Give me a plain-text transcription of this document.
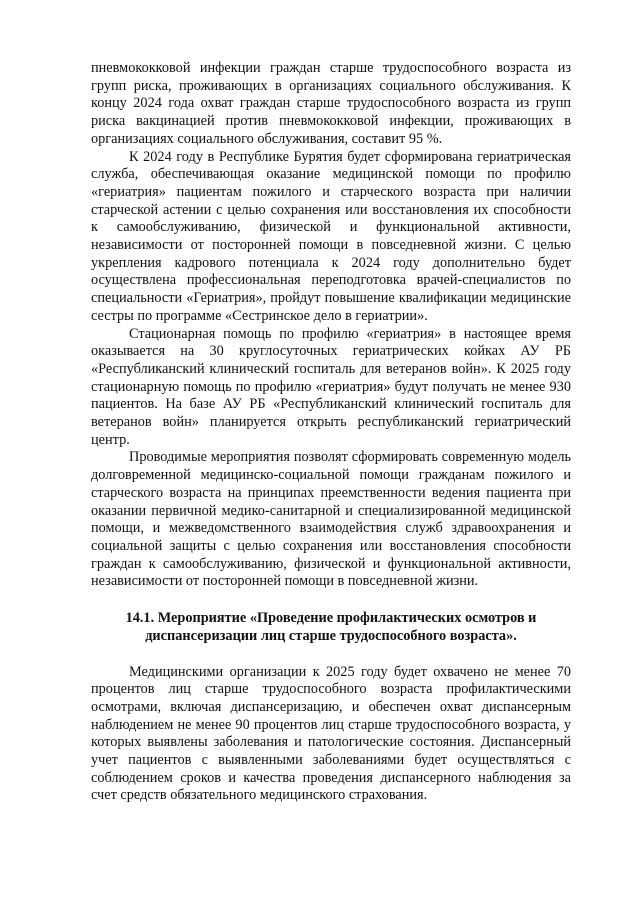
пневмококковой инфекции граждан старше трудоспособного возраста из групп риска, проживающих в организациях социального обслуживания. К концу 2024 года охват граждан старше трудоспособного возраста из групп риска вакцинацией против пневмококковой инфекции, проживающих в организациях социального обслуживания, составит 95 %.

К 2024 году в Республике Бурятия будет сформирована гериатрическая служба, обеспечивающая оказание медицинской помощи по профилю «гериатрия» пациентам пожилого и старческого возраста при наличии старческой астении с целью сохранения или восстановления их способности к самообслуживанию, физической и функциональной активности, независимости от посторонней помощи в повседневной жизни. С целью укрепления кадрового потенциала к 2024 году дополнительно будет осуществлена профессиональная переподготовка врачей-специалистов по специальности «Гериатрия», пройдут повышение квалификации медицинские сестры по программе «Сестринское дело в гериатрии».

Стационарная помощь по профилю «гериатрия» в настоящее время оказывается на 30 круглосуточных гериатрических койках АУ РБ «Республиканский клинический госпиталь для ветеранов войн». К 2025 году стационарную помощь по профилю «гериатрия» будут получать не менее 930 пациентов. На базе АУ РБ «Республиканский клинический госпиталь для ветеранов войн» планируется открыть республиканский гериатрический центр.

Проводимые мероприятия позволят сформировать современную модель долговременной медицинско-социальной помощи гражданам пожилого и старческого возраста на принципах преемственности ведения пациента при оказании первичной медико-санитарной и специализированной медицинской помощи, и межведомственного взаимодействия служб здравоохранения и социальной защиты с целью сохранения или восстановления способности граждан к самообслуживанию, физической и функциональной активности, независимости от посторонней помощи в повседневной жизни.

14.1. Мероприятие «Проведение профилактических осмотров и диспансеризации лиц старше трудоспособного возраста».

Медицинскими организации к 2025 году будет охвачено не менее 70 процентов лиц старше трудоспособного возраста профилактическими осмотрами, включая диспансеризацию, и обеспечен охват диспансерным наблюдением не менее 90 процентов лиц старше трудоспособного возраста, у которых выявлены заболевания и патологические состояния. Диспансерный учет пациентов с выявленными заболеваниями будет осуществляться с соблюдением сроков и качества проведения диспансерного наблюдения за счет средств обязательного медицинского страхования.
